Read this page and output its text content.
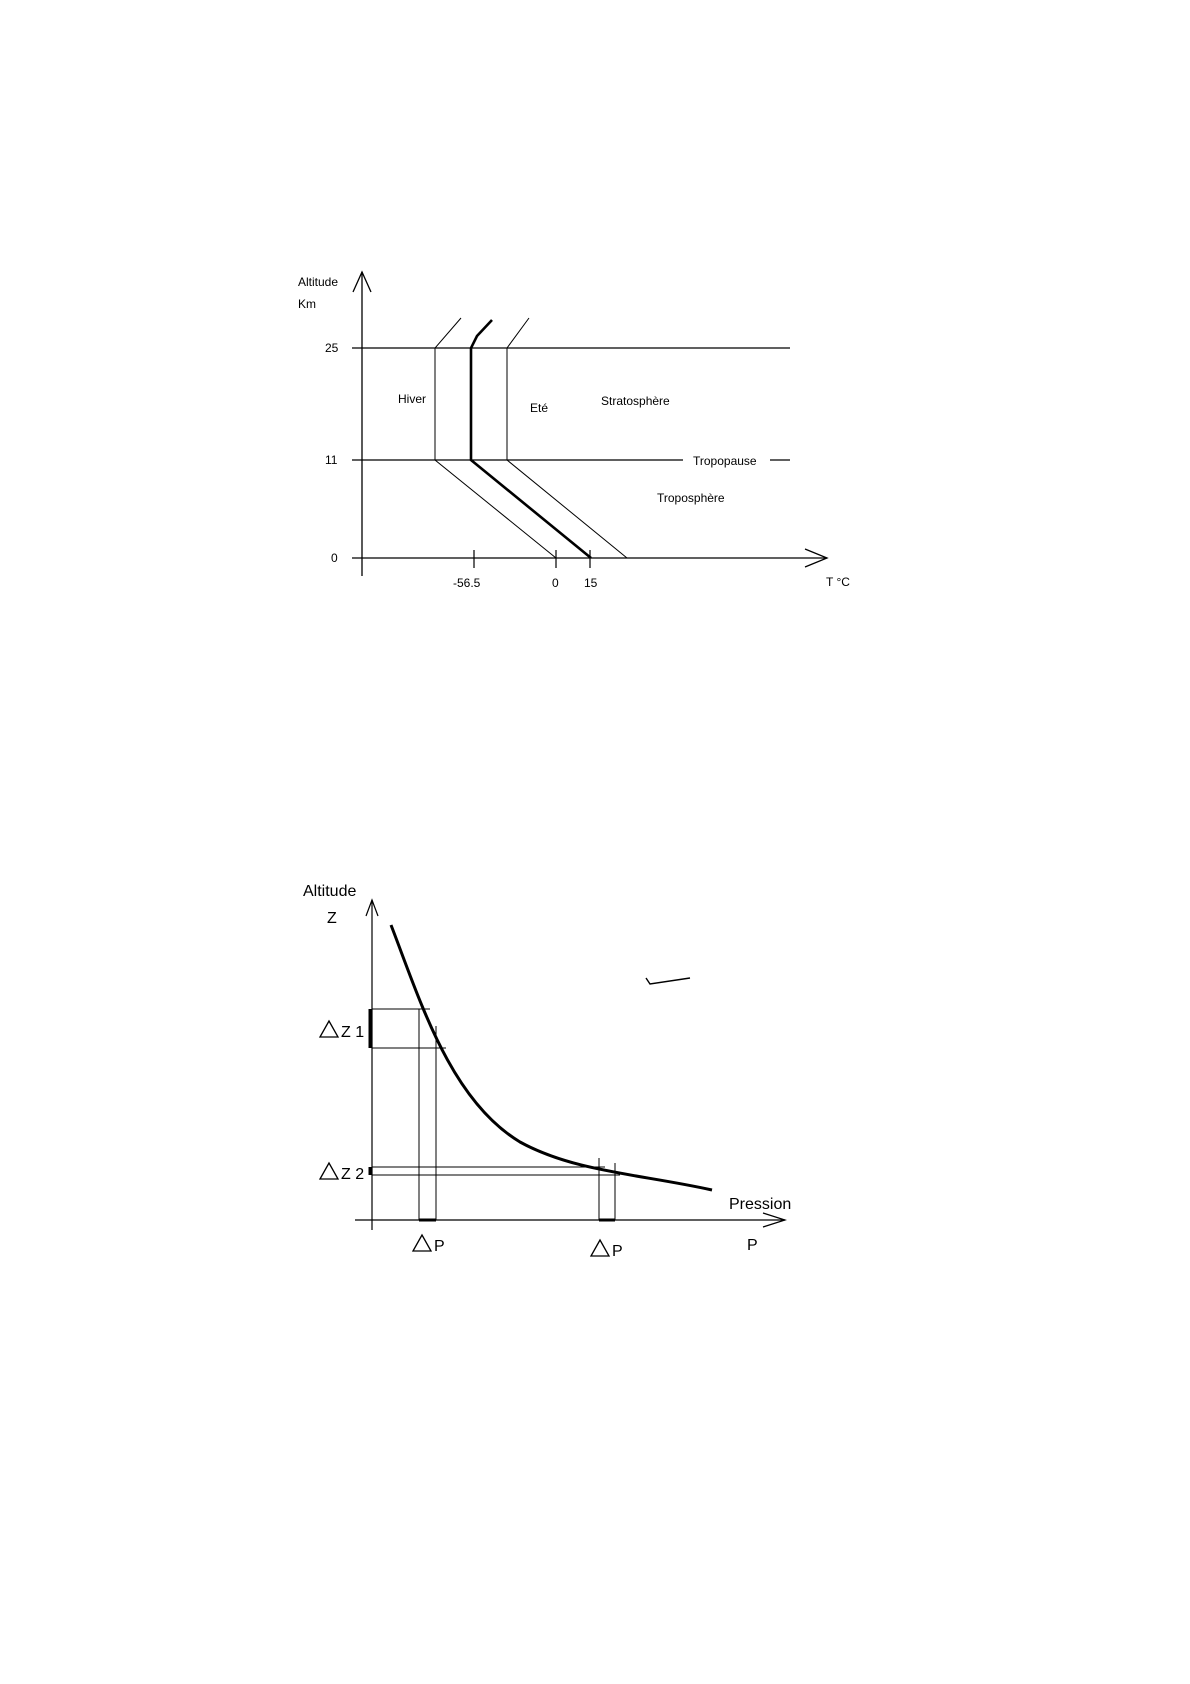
Altitude
Km
25
11
0
-56.5	0 15	T °C
Hiver
Eté	Stratosphère
Tropopause
Troposphère
Altitude
Z
Z 1
Z 2
P	P
Pression
P
